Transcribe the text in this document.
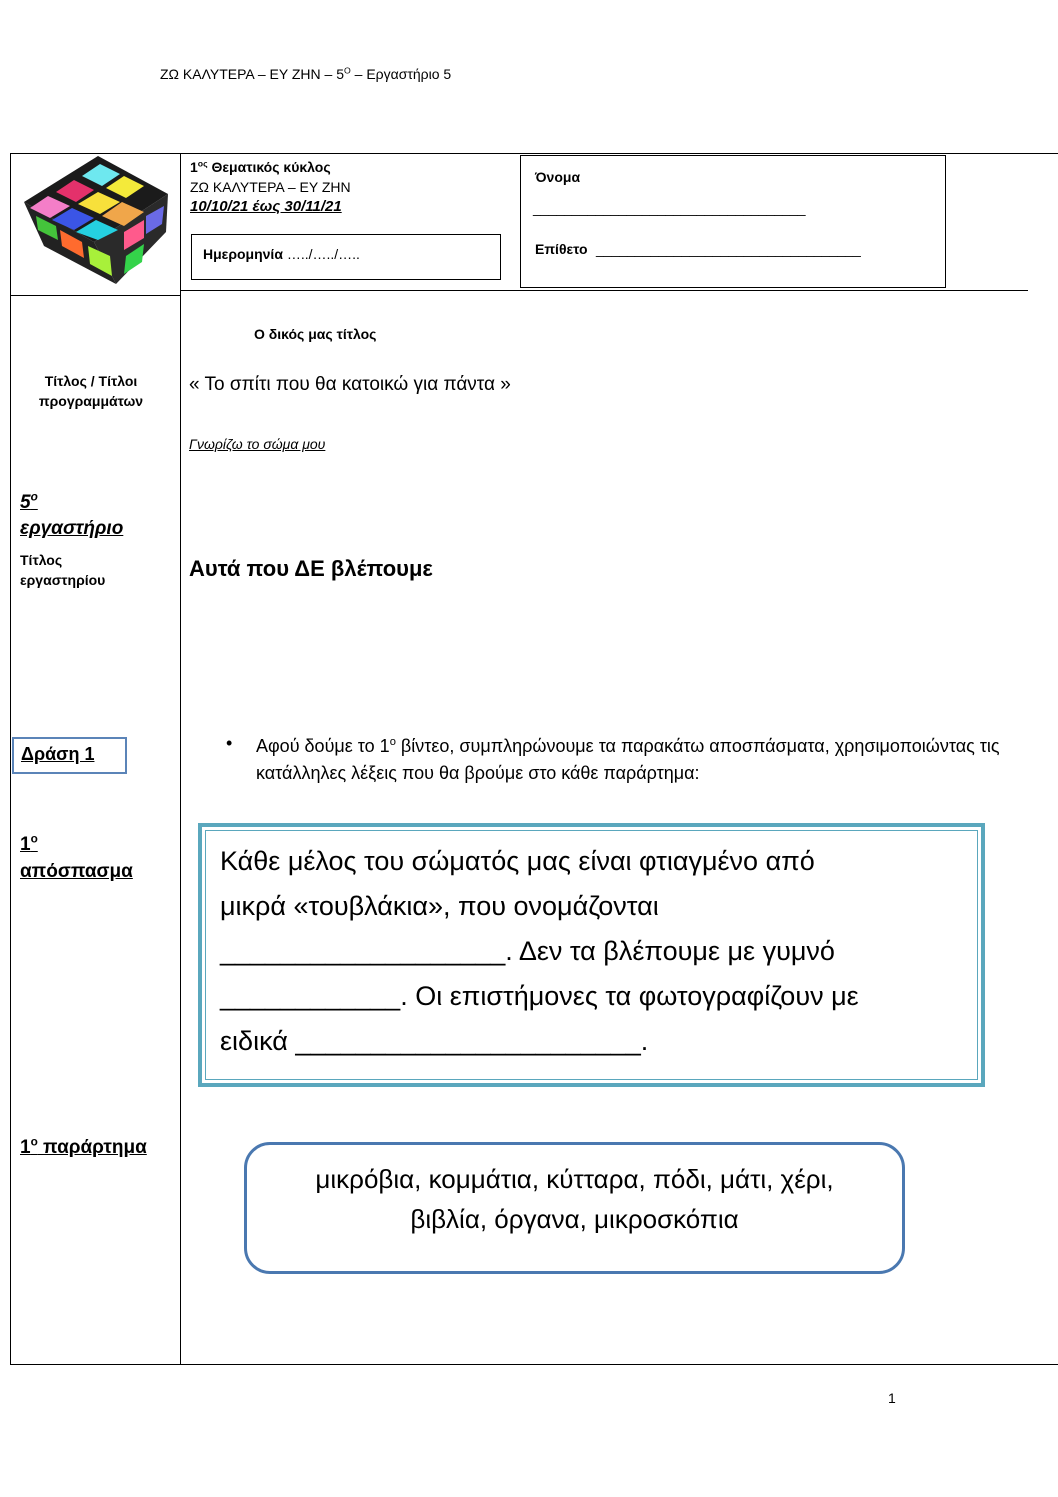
ΖΩ ΚΑΛΥΤΕΡΑ – ΕΥ ΖΗΝ – $5^O$ – Εργαστήριο 5
$1^{o\varsigma}$ Θεματικός κύκλος
ΖΩ ΚΑΛΥΤΕΡΑ – ΕΥ ΖΗΝ
10/10/21 έως 30/11/21
Ημερομηνία …../…../…..
Όνομα
___________________________________
Επίθετο __________________________________
Τίτλος / Τίτλοι προγραμμάτων
$5^o$
εργαστήριο
Τίτλος εργαστηρίου
Δράση 1
$1^o$
απόσπασμα
$1^o$ παράρτημα
Ο δικός μας τίτλος
« Το σπίτι που θα κατοικώ για πάντα »
Γνωρίζω το σώμα μου
Αυτά που ΔΕ βλέπουμε
• Αφού δούμε το $1^o$ βίντεο, συμπληρώνουμε τα παρακάτω αποσπάσματα, χρησιμοποιώντας τις κατάλληλες λέξεις που θα βρούμε στο κάθε παράρτημα:
Κάθε μέλος του σώματός μας είναι φτιαγμένο από
μικρά «τουβλάκια», που ονομάζονται
___________________. Δεν τα βλέπουμε με γυμνό
____________. Οι επιστήμονες τα φωτογραφίζουν με
ειδικά _______________________.
μικρόβια, κομμάτια, κύτταρα, πόδι, μάτι, χέρι,
βιβλία, όργανα, μικροσκόπια
1
